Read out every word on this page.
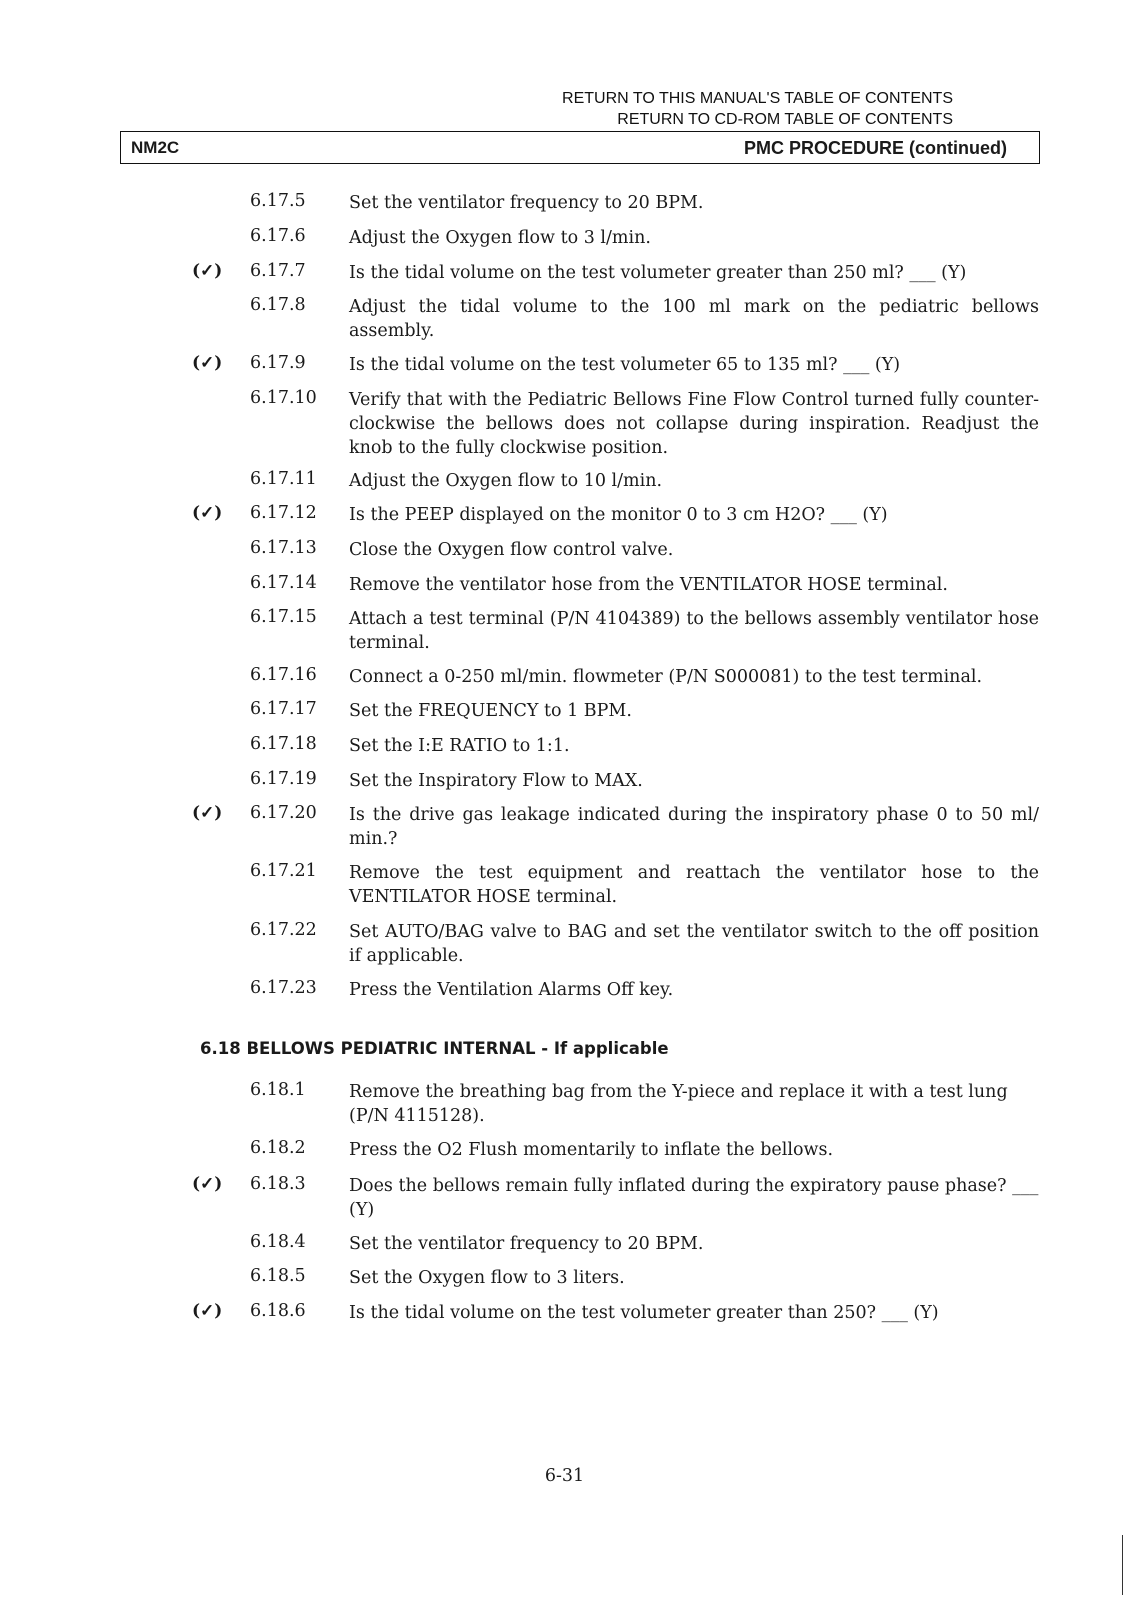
RETURN TO THIS MANUAL'S TABLE OF CONTENTS
RETURN TO CD-ROM TABLE OF CONTENTS
NM2C	PMC PROCEDURE (continued)
6.17.5 Set the ventilator frequency to 20 BPM.
6.17.6 Adjust the Oxygen flow to 3 l/min.
(✓) 6.17.7 Is the tidal volume on the test volumeter greater than 250 ml? ___ (Y)
6.17.8 Adjust the tidal volume to the 100 ml mark on the pediatric bellows assembly.
(✓) 6.17.9 Is the tidal volume on the test volumeter 65 to 135 ml? ___ (Y)
6.17.10 Verify that with the Pediatric Bellows Fine Flow Control turned fully counter-clockwise the bellows does not collapse during inspiration. Readjust the knob to the fully clockwise position.
6.17.11 Adjust the Oxygen flow to 10 l/min.
(✓) 6.17.12 Is the PEEP displayed on the monitor 0 to 3 cm H2O? ___ (Y)
6.17.13 Close the Oxygen flow control valve.
6.17.14 Remove the ventilator hose from the VENTILATOR HOSE terminal.
6.17.15 Attach a test terminal (P/N 4104389) to the bellows assembly ventilator hose terminal.
6.17.16 Connect a 0-250 ml/min. flowmeter (P/N S000081) to the test terminal.
6.17.17 Set the FREQUENCY to 1 BPM.
6.17.18 Set the I:E RATIO to 1:1.
6.17.19 Set the Inspiratory Flow to MAX.
(✓) 6.17.20 Is the drive gas leakage indicated during the inspiratory phase 0 to 50 ml/ min.?
6.17.21 Remove the test equipment and reattach the ventilator hose to the VENTILATOR HOSE terminal.
6.17.22 Set AUTO/BAG valve to BAG and set the ventilator switch to the off position if applicable.
6.17.23 Press the Ventilation Alarms Off key.
6.18 BELLOWS PEDIATRIC INTERNAL - If applicable
6.18.1 Remove the breathing bag from the Y-piece and replace it with a test lung (P/N 4115128).
6.18.2 Press the O2 Flush momentarily to inflate the bellows.
(✓) 6.18.3 Does the bellows remain fully inflated during the expiratory pause phase? ___ (Y)
6.18.4 Set the ventilator frequency to 20 BPM.
6.18.5 Set the Oxygen flow to 3 liters.
(✓) 6.18.6 Is the tidal volume on the test volumeter greater than 250? ___ (Y)
6-31
